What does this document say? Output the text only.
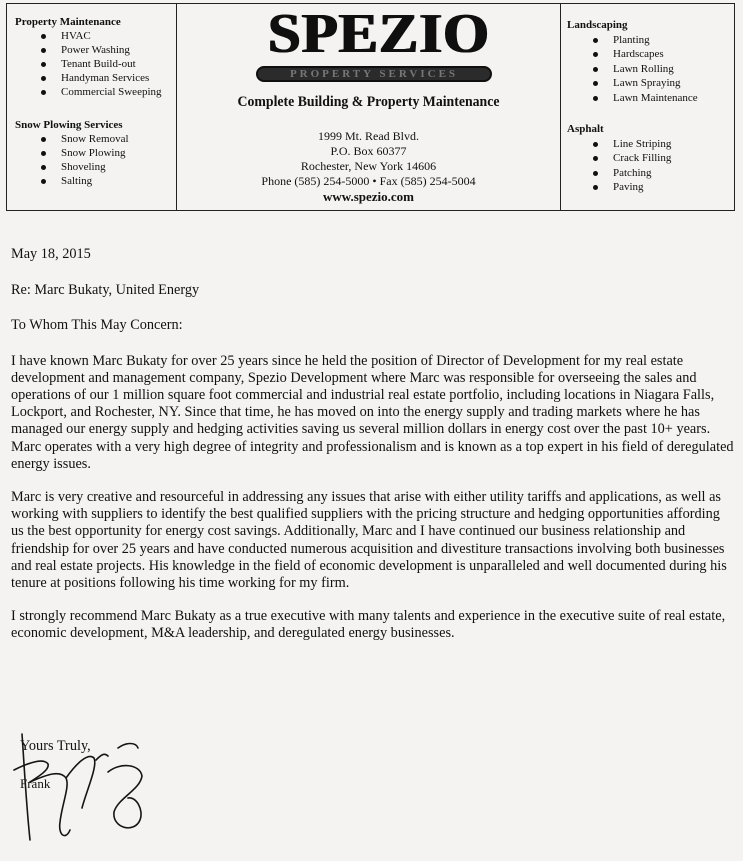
Property Maintenance
HVAC
Power Washing
Tenant Build-out
Handyman Services
Commercial Sweeping
Snow Plowing Services
Snow Removal
Snow Plowing
Shoveling
Salting
SPEZIO
PROPERTY SERVICES
Complete Building & Property Maintenance
1999 Mt. Read Blvd.
P.O. Box 60377
Rochester, New York 14606
Phone (585) 254-5000 • Fax (585) 254-5004
www.spezio.com
Landscaping
Planting
Hardscapes
Lawn Rolling
Lawn Spraying
Lawn Maintenance
Asphalt
Line Striping
Crack Filling
Patching
Paving

May 18, 2015

Re: Marc Bukaty, United Energy

To Whom This May Concern:

I have known Marc Bukaty for over 25 years since he held the position of Director of Development for my real estate development and management company, Spezio Development where Marc was responsible for overseeing the sales and operations of our 1 million square foot commercial and industrial real estate portfolio, including locations in Niagara Falls, Lockport, and Rochester, NY. Since that time, he has moved on into the energy supply and trading markets where he has managed our energy supply and hedging activities saving us several million dollars in energy cost over the past 10+ years. Marc operates with a very high degree of integrity and professionalism and is known as a top expert in his field of deregulated energy issues.

Marc is very creative and resourceful in addressing any issues that arise with either utility tariffs and applications, as well as working with suppliers to identify the best qualified suppliers with the pricing structure and hedging opportunities affording us the best opportunity for energy cost savings. Additionally, Marc and I have continued our business relationship and friendship for over 25 years and have conducted numerous acquisition and divestiture transactions involving both businesses and real estate projects. His knowledge in the field of economic development is unparalleled and well documented during his tenure at positions following his time working for my firm.

I strongly recommend Marc Bukaty as a true executive with many talents and experience in the executive suite of real estate, economic development, M&A leadership, and deregulated energy businesses.

Yours Truly,
Frank
